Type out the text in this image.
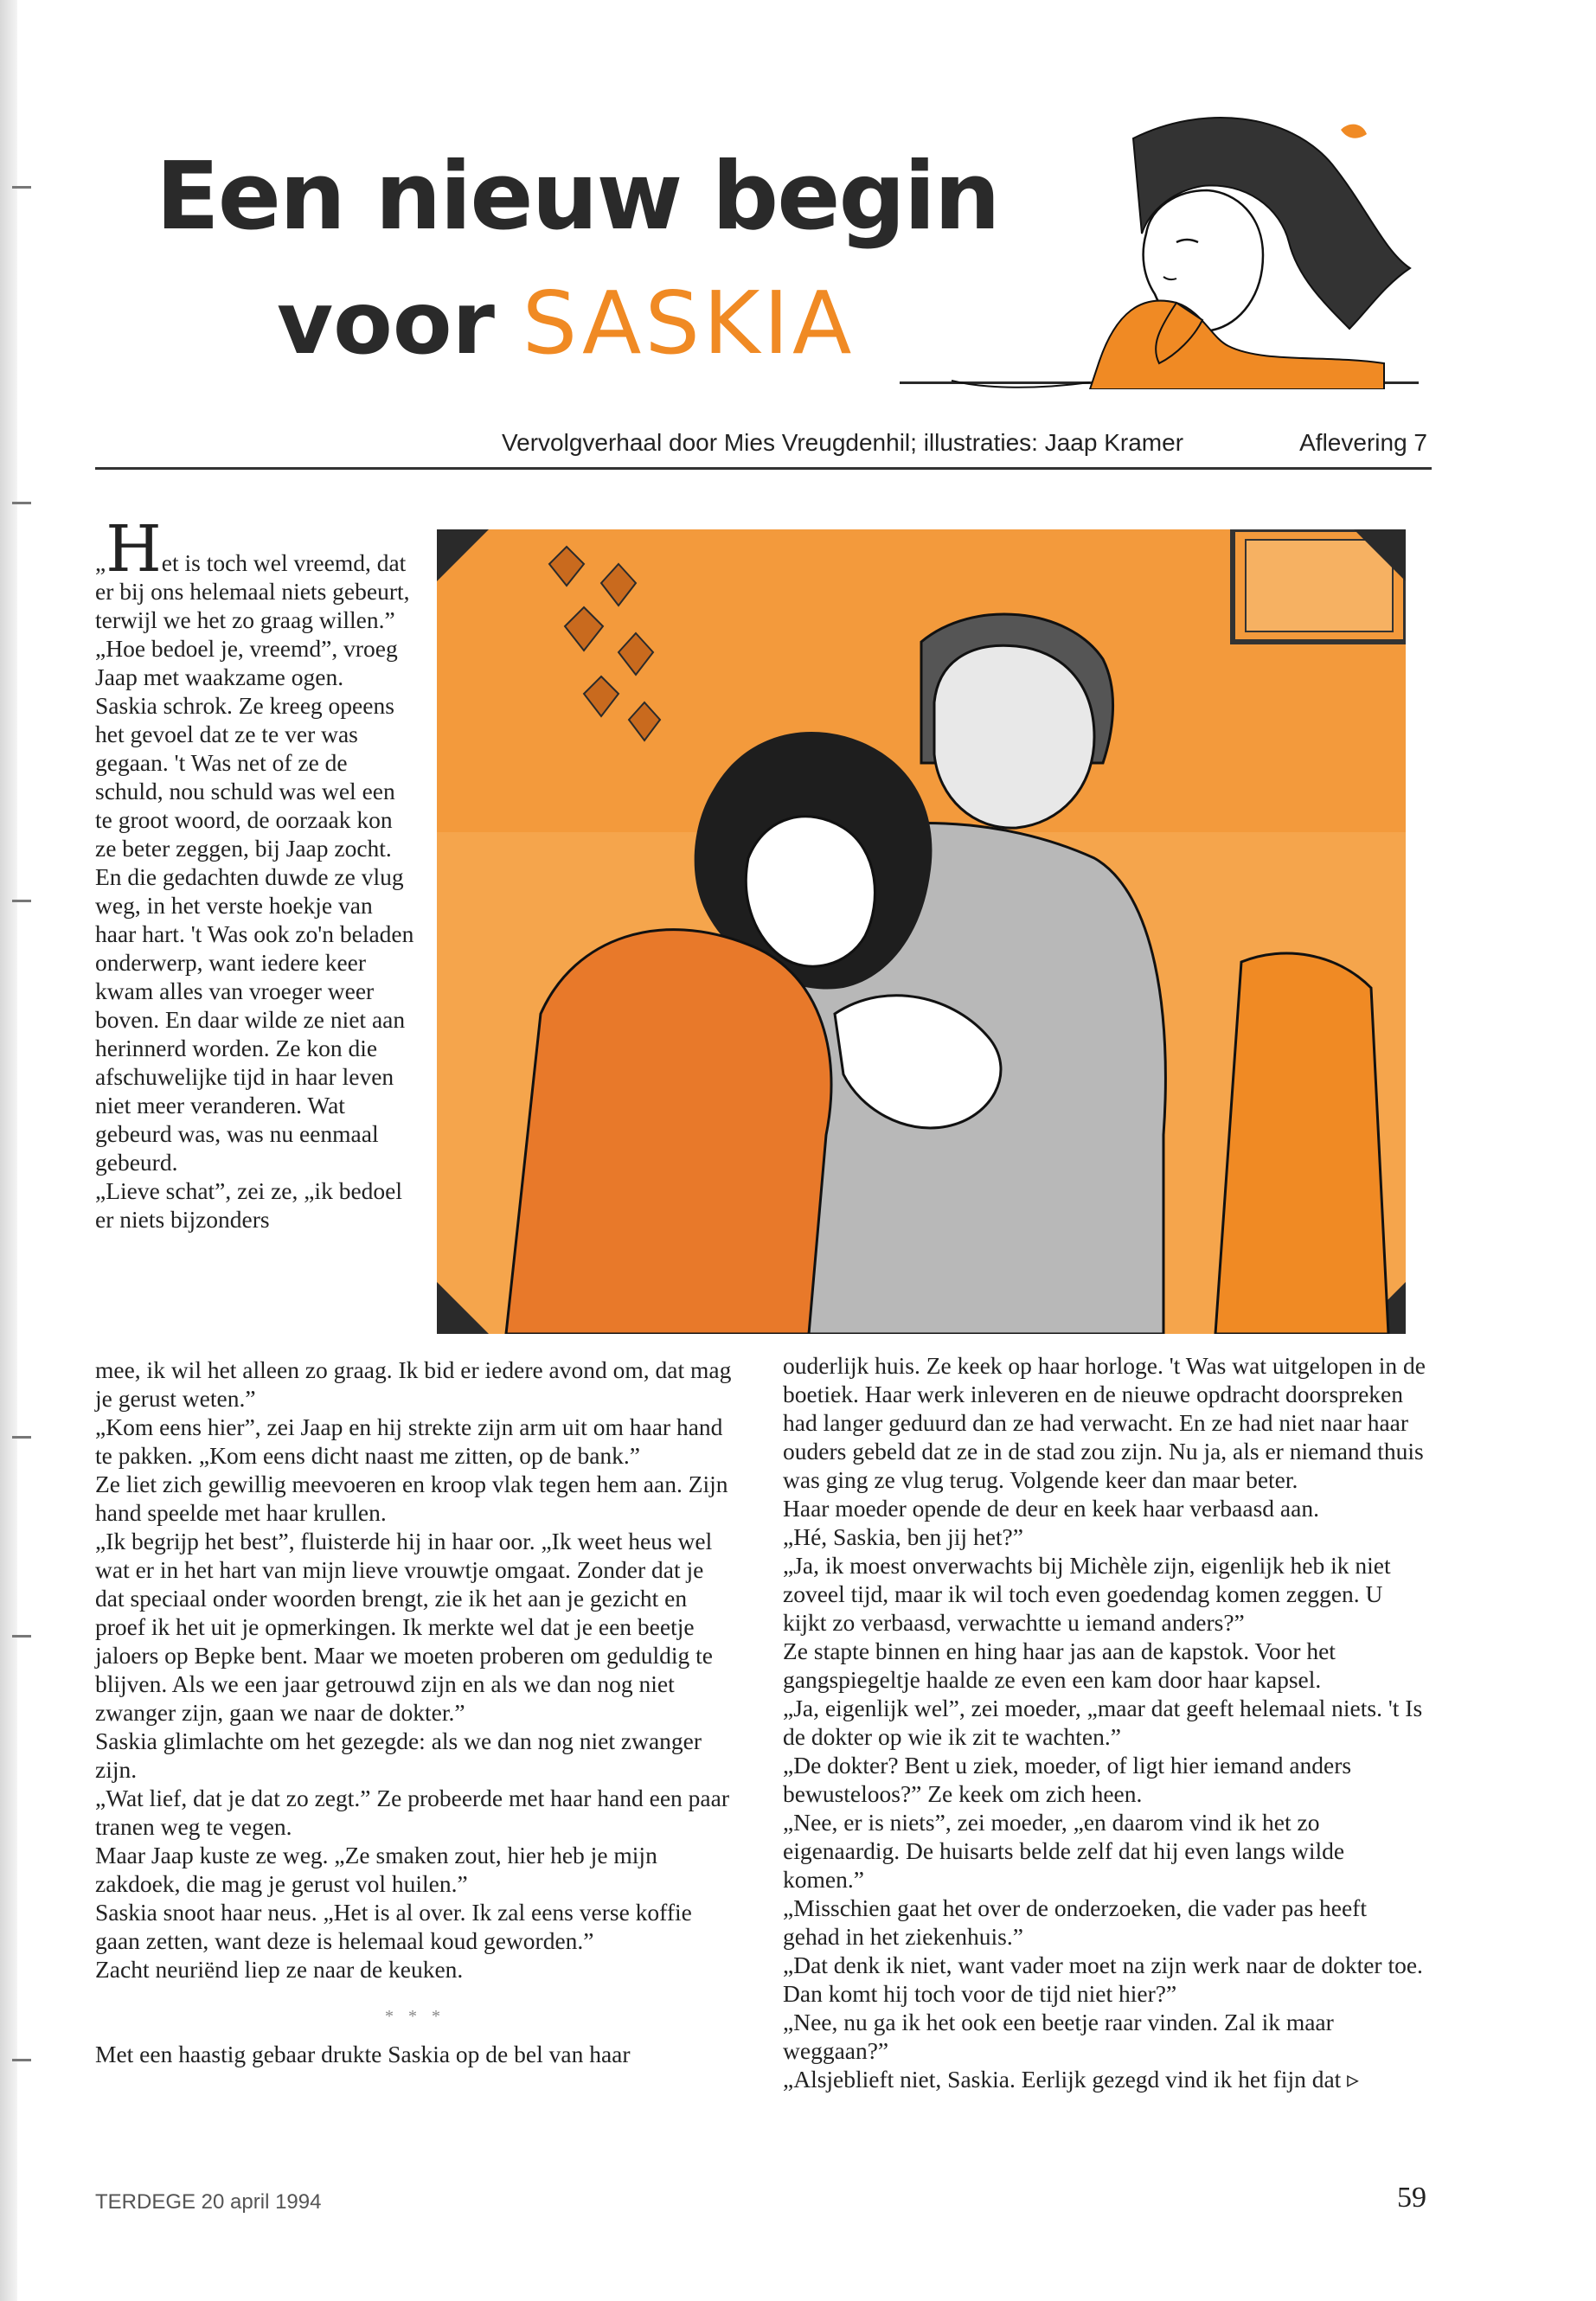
Een nieuw begin
voor SASKIA
Vervolgverhaal door Mies Vreugdenhil; illustraties: Jaap Kramer	Aflevering 7

„Het is toch wel vreemd, dat er bij ons helemaal niets gebeurt, terwijl we het zo graag willen.”

„Hoe bedoel je, vreemd”, vroeg Jaap met waakzame ogen.

Saskia schrok. Ze kreeg opeens het gevoel dat ze te ver was gegaan. 't Was net of ze de schuld, nou schuld was wel een te groot woord, de oorzaak kon ze beter zeggen, bij Jaap zocht. En die gedachten duwde ze vlug weg, in het verste hoekje van haar hart. 't Was ook zo'n beladen onderwerp, want iedere keer kwam alles van vroeger weer boven. En daar wilde ze niet aan herinnerd worden. Ze kon die afschuwelijke tijd in haar leven niet meer veranderen. Wat gebeurd was, was nu eenmaal gebeurd.

„Lieve schat”, zei ze, „ik bedoel er niets bijzonders

mee, ik wil het alleen zo graag. Ik bid er iedere avond om, dat mag je gerust weten.”

„Kom eens hier”, zei Jaap en hij strekte zijn arm uit om haar hand te pakken. „Kom eens dicht naast me zitten, op de bank.”

Ze liet zich gewillig meevoeren en kroop vlak tegen hem aan. Zijn hand speelde met haar krullen.

„Ik begrijp het best”, fluisterde hij in haar oor. „Ik weet heus wel wat er in het hart van mijn lieve vrouwtje omgaat. Zonder dat je dat speciaal onder woorden brengt, zie ik het aan je gezicht en proef ik het uit je opmerkingen. Ik merkte wel dat je een beetje jaloers op Bepke bent. Maar we moeten proberen om geduldig te blijven. Als we een jaar getrouwd zijn en als we dan nog niet zwanger zijn, gaan we naar de dokter.”

Saskia glimlachte om het gezegde: als we dan nog niet zwanger zijn.

„Wat lief, dat je dat zo zegt.” Ze probeerde met haar hand een paar tranen weg te vegen.

Maar Jaap kuste ze weg. „Ze smaken zout, hier heb je mijn zakdoek, die mag je gerust vol huilen.”

Saskia snoot haar neus. „Het is al over. Ik zal eens verse koffie gaan zetten, want deze is helemaal koud geworden.”

Zacht neuriënd liep ze naar de keuken.

* * *

Met een haastig gebaar drukte Saskia op de bel van haar

ouderlijk huis. Ze keek op haar horloge. 't Was wat uitgelopen in de boetiek. Haar werk inleveren en de nieuwe opdracht doorspreken had langer geduurd dan ze had verwacht. En ze had niet naar haar ouders gebeld dat ze in de stad zou zijn. Nu ja, als er niemand thuis was ging ze vlug terug. Volgende keer dan maar beter.

Haar moeder opende de deur en keek haar verbaasd aan.

„Hé, Saskia, ben jij het?”

„Ja, ik moest onverwachts bij Michèle zijn, eigenlijk heb ik niet zoveel tijd, maar ik wil toch even goedendag komen zeggen. U kijkt zo verbaasd, verwachtte u iemand anders?”

Ze stapte binnen en hing haar jas aan de kapstok. Voor het gangspiegeltje haalde ze even een kam door haar kapsel.

„Ja, eigenlijk wel”, zei moeder, „maar dat geeft helemaal niets. 't Is de dokter op wie ik zit te wachten.”

„De dokter? Bent u ziek, moeder, of ligt hier iemand anders bewusteloos?” Ze keek om zich heen.

„Nee, er is niets”, zei moeder, „en daarom vind ik het zo eigenaardig. De huisarts belde zelf dat hij even langs wilde komen.”

„Misschien gaat het over de onderzoeken, die vader pas heeft gehad in het ziekenhuis.”

„Dat denk ik niet, want vader moet na zijn werk naar de dokter toe. Dan komt hij toch voor de tijd niet hier?”

„Nee, nu ga ik het ook een beetje raar vinden. Zal ik maar weggaan?”

„Alsjeblieft niet, Saskia. Eerlijk gezegd vind ik het fijn dat ▹

TERDEGE 20 april 1994	59
